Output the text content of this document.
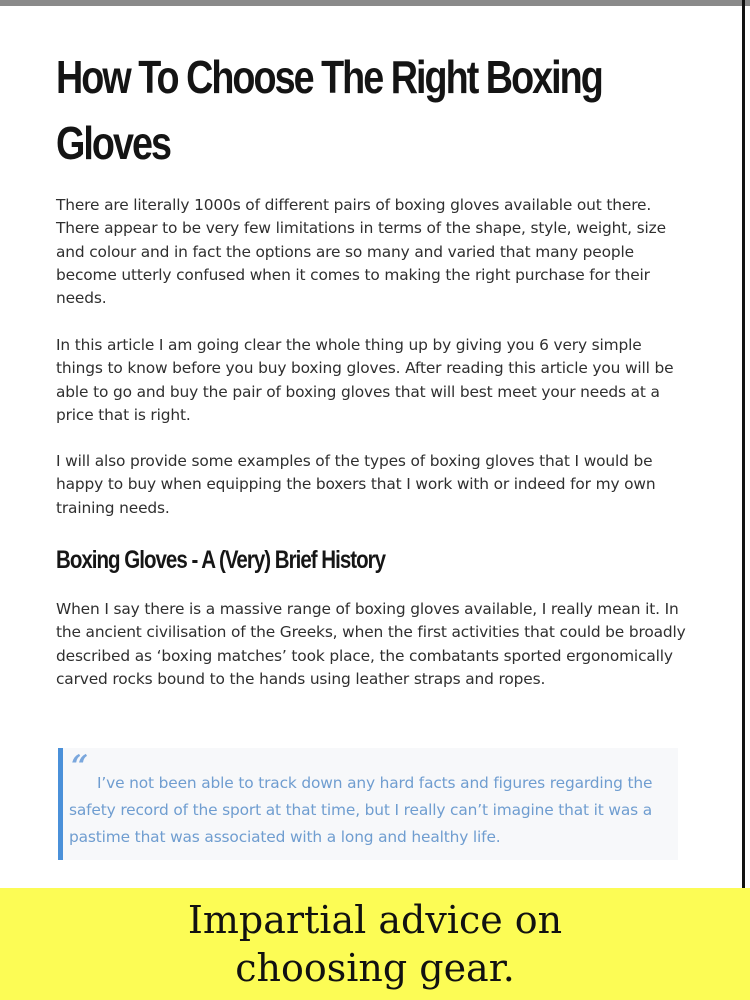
How To Choose The Right Boxing Gloves

There are literally 1000s of different pairs of boxing gloves available out there. There appear to be very few limitations in terms of the shape, style, weight, size and colour and in fact the options are so many and varied that many people become utterly confused when it comes to making the right purchase for their needs.

In this article I am going clear the whole thing up by giving you 6 very simple things to know before you buy boxing gloves. After reading this article you will be able to go and buy the pair of boxing gloves that will best meet your needs at a price that is right.

I will also provide some examples of the types of boxing gloves that I would be happy to buy when equipping the boxers that I work with or indeed for my own training needs.

Boxing Gloves - A (Very) Brief History

When I say there is a massive range of boxing gloves available, I really mean it. In the ancient civilisation of the Greeks, when the first activities that could be broadly described as ‘boxing matches’ took place, the combatants sported ergonomically carved rocks bound to the hands using leather straps and ropes.

“ I’ve not been able to track down any hard facts and figures regarding the safety record of the sport at that time, but I really can’t imagine that it was a pastime that was associated with a long and healthy life.
Impartial advice on
choosing gear.
